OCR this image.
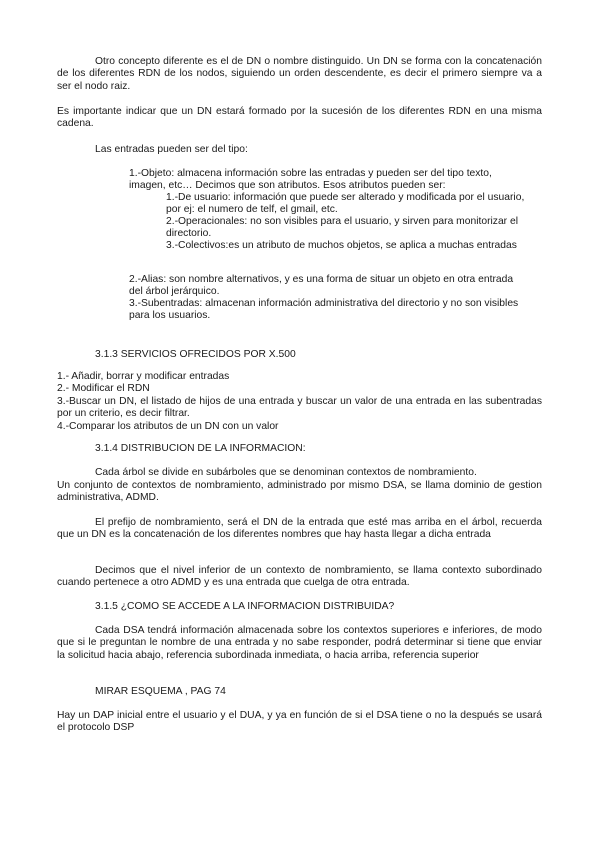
Otro concepto diferente es el de DN o nombre distinguido. Un DN se forma con la concatenación de los diferentes RDN de los nodos, siguiendo un orden descendente, es decir el primero siempre va a ser el nodo raiz.

Es importante indicar que un DN estará formado por la sucesión de los diferentes RDN en una misma cadena.

Las entradas pueden ser del tipo:

1.-Objeto: almacena información sobre las entradas y pueden ser del tipo texto, imagen, etc… Decimos que son atributos. Esos atributos pueden ser:

1.-De usuario: información que puede ser alterado y modificada por el usuario, por ej: el numero de telf, el gmail, etc.

2.-Operacionales: no son visibles para el usuario, y sirven para monitorizar el directorio.

3.-Colectivos:es un atributo de muchos objetos, se aplica a muchas entradas

2.-Alias: son nombre alternativos, y es una forma de situar un objeto en otra entrada del árbol jerárquico.

3.-Subentradas: almacenan información administrativa del directorio y no son visibles para los usuarios.

3.1.3 SERVICIOS OFRECIDOS POR X.500

1.- Añadir, borrar y modificar entradas
2.- Modificar el RDN
3.-Buscar un DN, el listado de hijos de una entrada y buscar un valor de una entrada en las subentradas por un criterio, es decir filtrar.
4.-Comparar los atributos de un DN con un valor

3.1.4 DISTRIBUCION DE LA INFORMACION:

Cada árbol se divide en subárboles que se denominan contextos de nombramiento.

Un conjunto de contextos de nombramiento, administrado por mismo DSA, se llama dominio de gestion administrativa, ADMD.

El prefijo de nombramiento, será el DN de la entrada que esté mas arriba en el árbol, recuerda que un DN es la concatenación de los diferentes nombres que hay hasta llegar a dicha entrada

Decimos que el nivel inferior de un contexto de nombramiento, se llama contexto subordinado cuando pertenece a otro ADMD y es una entrada que cuelga de otra entrada.

3.1.5 ¿COMO SE ACCEDE A LA INFORMACION DISTRIBUIDA?

Cada DSA tendrá información almacenada sobre los contextos superiores e inferiores, de modo que si le preguntan le nombre de una entrada y no sabe responder, podrá determinar si tiene que enviar la solicitud hacia abajo, referencia subordinada inmediata, o hacia arriba, referencia superior

MIRAR ESQUEMA , PAG 74

Hay un DAP inicial entre el usuario y el DUA, y ya en función de si el DSA tiene o no la después se usará el protocolo DSP
